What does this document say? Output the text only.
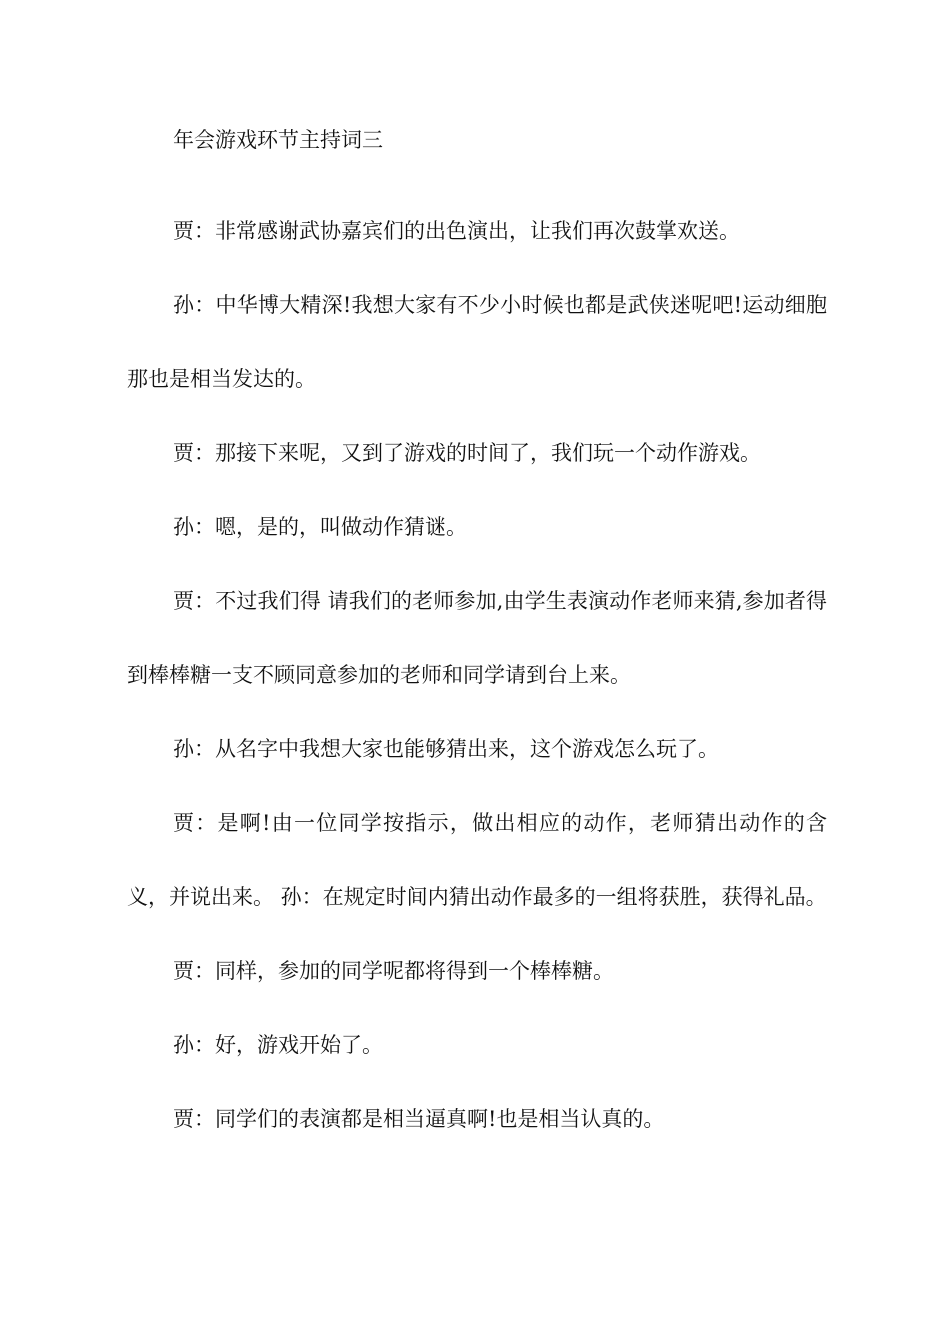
年会游戏环节主持词三

贾：非常感谢武协嘉宾们的出色演出，让我们再次鼓掌欢送。

孙：中华博大精深!我想大家有不少小时候也都是武侠迷呢吧!运动细胞那也是相当发达的。

贾：那接下来呢，又到了游戏的时间了，我们玩一个动作游戏。

孙：嗯，是的，叫做动作猜谜。

贾：不过我们得 请我们的老师参加,由学生表演动作老师来猜,参加者得到棒棒糖一支不顾同意参加的老师和同学请到台上来。

孙：从名字中我想大家也能够猜出来，这个游戏怎么玩了。

贾：是啊!由一位同学按指示，做出相应的动作，老师猜出动作的含义，并说出来。 孙：在规定时间内猜出动作最多的一组将获胜，获得礼品。

贾：同样，参加的同学呢都将得到一个棒棒糖。

孙：好，游戏开始了。

贾：同学们的表演都是相当逼真啊!也是相当认真的。
